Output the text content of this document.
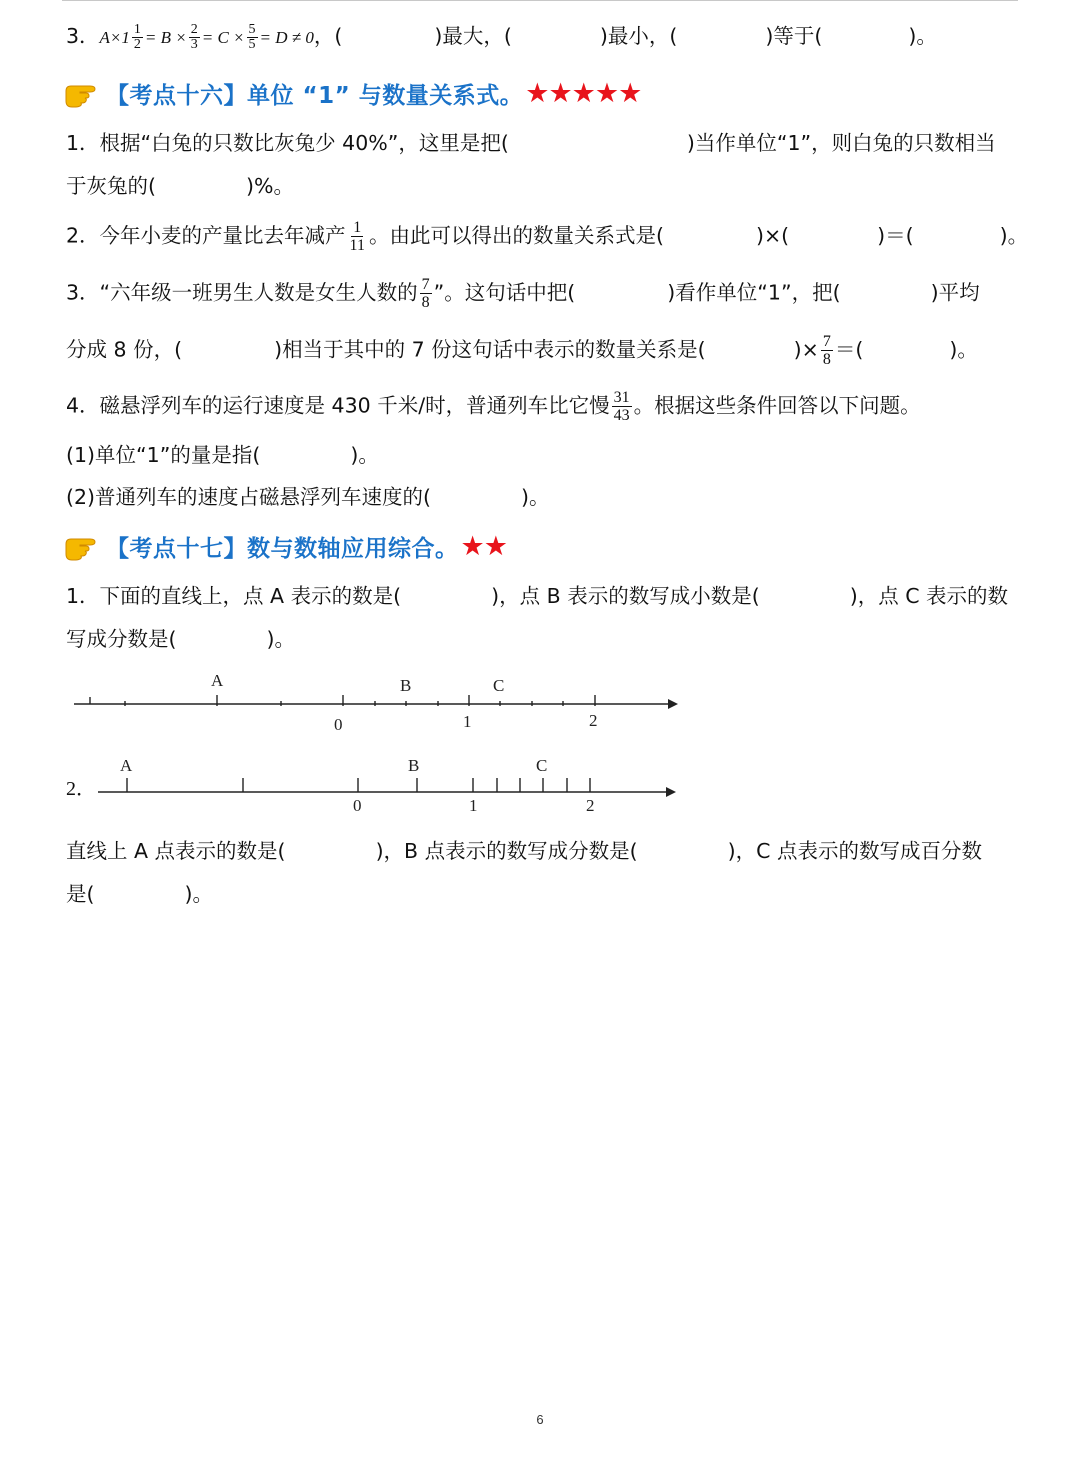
3．$A\times 1 \frac{1}{2} = B \times \frac{2}{3} = C \times \frac{5}{5} = D \ne 0$，(	)最大，(	)最小，(	)等于(	)。
【考点十六】单位 “1” 与数量关系式。 ★★★★★
1．根据“白兔的只数比灰兔少 40%”，这里是把(	)当作单位“1”，则白兔的只数相当
于灰兔的(	)%。
2．今年小麦的产量比去年减产 $\frac{1}{11}$ 。由此可以得出的数量关系式是(	)×(	)＝(	)。
3．“六年级一班男生人数是女生人数的 $\frac{7}{8}$ ”。这句话中把(	)看作单位“1”，把(	)平均
分成 8 份，(	)相当于其中的 7 份这句话中表示的数量关系是(	)× $\frac{7}{8}$ ＝(	)。
4．磁悬浮列车的运行速度是 430 千米/时，普通列车比它慢 $\frac{31}{43}$ 。根据这些条件回答以下问题。
(1)单位“1”的量是指(	)。
(2)普通列车的速度占磁悬浮列车速度的(	)。
【考点十七】数与数轴应用综合。 ★★
1．下面的直线上，点 A 表示的数是(	)，点 B 表示的数写成小数是(	)，点 C 表示的数
写成分数是(	)。
A	B	C
0	1	2
2．
A	B	C
0	1	2
直线上 A 点表示的数是(	)，B 点表示的数写成分数是(	)，C 点表示的数写成百分数
是(	)。
6
